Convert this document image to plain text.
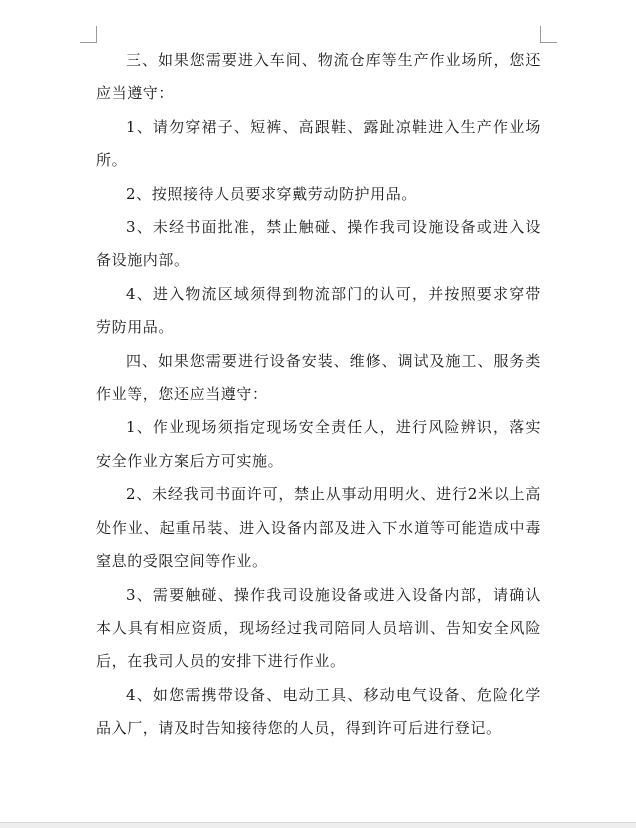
三、如果您需要进入车间、物流仓库等生产作业场所，您还应当遵守：

1、请勿穿裙子、短裤、高跟鞋、露趾凉鞋进入生产作业场所。

2、按照接待人员要求穿戴劳动防护用品。

3、未经书面批准，禁止触碰、操作我司设施设备或进入设备设施内部。

4、进入物流区域须得到物流部门的认可，并按照要求穿带劳防用品。

四、如果您需要进行设备安装、维修、调试及施工、服务类作业等，您还应当遵守：

1、作业现场须指定现场安全责任人，进行风险辨识，落实安全作业方案后方可实施。

2、未经我司书面许可，禁止从事动用明火、进行2米以上高处作业、起重吊装、进入设备内部及进入下水道等可能造成中毒窒息的受限空间等作业。

3、需要触碰、操作我司设施设备或进入设备内部，请确认本人具有相应资质，现场经过我司陪同人员培训、告知安全风险后，在我司人员的安排下进行作业。

4、如您需携带设备、电动工具、移动电气设备、危险化学品入厂，请及时告知接待您的人员，得到许可后进行登记。
